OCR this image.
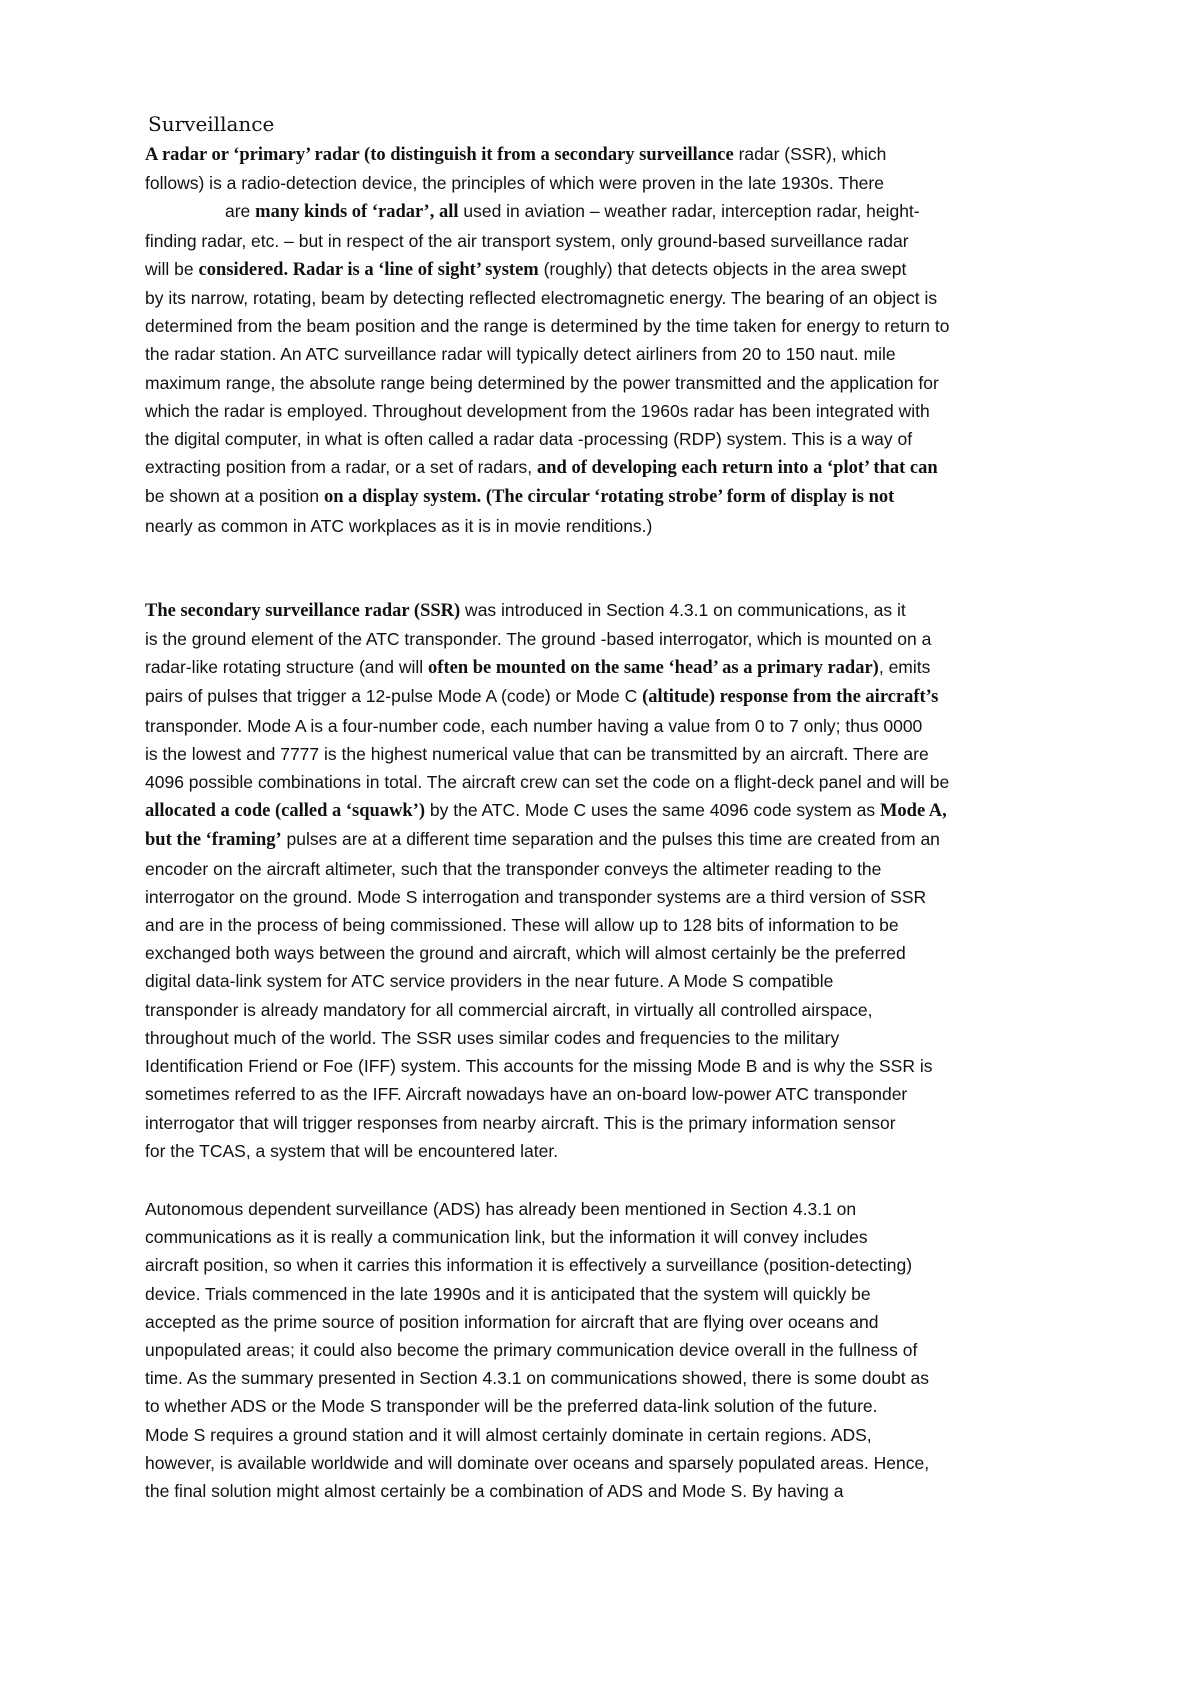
Surveillance
A radar or ‘primary’ radar (to distinguish it from a secondary surveillance radar (SSR), which
follows) is a radio-detection device, the principles of which were proven in the late 1930s. There
are many kinds of ‘radar’, all used in aviation – weather radar, interception radar, height-
finding radar, etc. – but in respect of the air transport system, only ground-based surveillance radar
will be considered. Radar is a ‘line of sight’ system (roughly) that detects objects in the area swept
by its narrow, rotating, beam by detecting reflected electromagnetic energy. The bearing of an object is
determined from the beam position and the range is determined by the time taken for energy to return to
the radar station. An ATC surveillance radar will typically detect airliners from 20 to 150 naut. mile
maximum range, the absolute range being determined by the power transmitted and the application for
which the radar is employed. Throughout development from the 1960s radar has been integrated with
the digital computer, in what is often called a radar data -processing (RDP) system. This is a way of
extracting position from a radar, or a set of radars, and of developing each return into a ‘plot’ that can
be shown at a position on a display system. (The circular ‘rotating strobe’ form of display is not
nearly as common in ATC workplaces as it is in movie renditions.)
The secondary surveillance radar (SSR) was introduced in Section 4.3.1 on communications, as it
is the ground element of the ATC transponder. The ground -based interrogator, which is mounted on a
radar-like rotating structure (and will often be mounted on the same ‘head’ as a primary radar), emits
pairs of pulses that trigger a 12-pulse Mode A (code) or Mode C (altitude) response from the aircraft’s
transponder. Mode A is a four-number code, each number having a value from 0 to 7 only; thus 0000
is the lowest and 7777 is the highest numerical value that can be transmitted by an aircraft. There are
4096 possible combinations in total. The aircraft crew can set the code on a flight-deck panel and will be
allocated a code (called a ‘squawk’) by the ATC. Mode C uses the same 4096 code system as Mode A,
but the ‘framing’ pulses are at a different time separation and the pulses this time are created from an
encoder on the aircraft altimeter, such that the transponder conveys the altimeter reading to the
interrogator on the ground. Mode S interrogation and transponder systems are a third version of SSR
and are in the process of being commissioned. These will allow up to 128 bits of information to be
exchanged both ways between the ground and aircraft, which will almost certainly be the preferred
digital data-link system for ATC service providers in the near future. A Mode S compatible
transponder is already mandatory for all commercial aircraft, in virtually all controlled airspace,
throughout much of the world. The SSR uses similar codes and frequencies to the military
Identification Friend or Foe (IFF) system. This accounts for the missing Mode B and is why the SSR is
sometimes referred to as the IFF. Aircraft nowadays have an on-board low-power ATC transponder
interrogator that will trigger responses from nearby aircraft. This is the primary information sensor
for the TCAS, a system that will be encountered later.
Autonomous dependent surveillance (ADS) has already been mentioned in Section 4.3.1 on
communications as it is really a communication link, but the information it will convey includes
aircraft position, so when it carries this information it is effectively a surveillance (position-detecting)
device. Trials commenced in the late 1990s and it is anticipated that the system will quickly be
accepted as the prime source of position information for aircraft that are flying over oceans and
unpopulated areas; it could also become the primary communication device overall in the fullness of
time. As the summary presented in Section 4.3.1 on communications showed, there is some doubt as
to whether ADS or the Mode S transponder will be the preferred data-link solution of the future.
Mode S requires a ground station and it will almost certainly dominate in certain regions. ADS,
however, is available worldwide and will dominate over oceans and sparsely populated areas. Hence,
the final solution might almost certainly be a combination of ADS and Mode S. By having a
